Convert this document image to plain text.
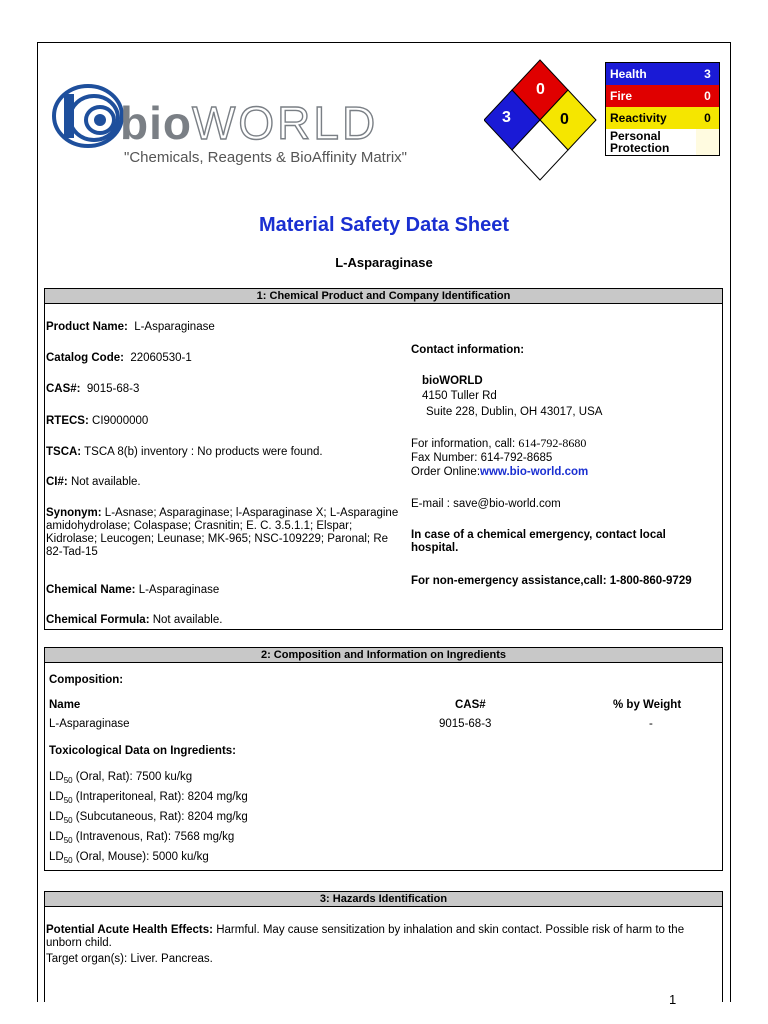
bioWORLD
"Chemicals, Reagents & BioAffinity Matrix"
0
3	0
Health	3
Fire	0
Reactivity	0
Personal Protection	
Material Safety Data Sheet
L-Asparaginase
1: Chemical Product and Company Identification
Product Name: L-Asparaginase
Catalog Code: 22060530-1
CAS#: 9015-68-3
RTECS: CI9000000
TSCA: TSCA 8(b) inventory : No products were found.
CI#: Not available.
Synonym: L-Asnase; Asparaginase; l-Asparaginase X; L-Asparagine amidohydrolase; Colaspase; Crasnitin; E. C. 3.5.1.1; Elspar; Kidrolase; Leucogen; Leunase; MK-965; NSC-109229; Paronal; Re 82-Tad-15
Chemical Name: L-Asparaginase
Chemical Formula: Not available.
Contact information:
bioWORLD
4150 Tuller Rd
Suite 228, Dublin, OH 43017, USA
For information, call: 614-792-8680
Fax Number: 614-792-8685
Order Online:www.bio-world.com
E-mail : save@bio-world.com
In case of a chemical emergency, contact local hospital.
For non-emergency assistance,call: 1-800-860-9729
2: Composition and Information on Ingredients
Composition:
Name	CAS#	% by Weight
L-Asparaginase	9015-68-3	-
Toxicological Data on Ingredients:
$LD_{50}$ (Oral, Rat): 7500 ku/kg
$LD_{50}$ (Intraperitoneal, Rat): 8204 mg/kg
$LD_{50}$ (Subcutaneous, Rat): 8204 mg/kg
$LD_{50}$ (Intravenous, Rat): 7568 mg/kg
$LD_{50}$ (Oral, Mouse): 5000 ku/kg
3: Hazards Identification
Potential Acute Health Effects: Harmful. May cause sensitization by inhalation and skin contact. Possible risk of harm to the unborn child.
Target organ(s): Liver. Pancreas.
1
